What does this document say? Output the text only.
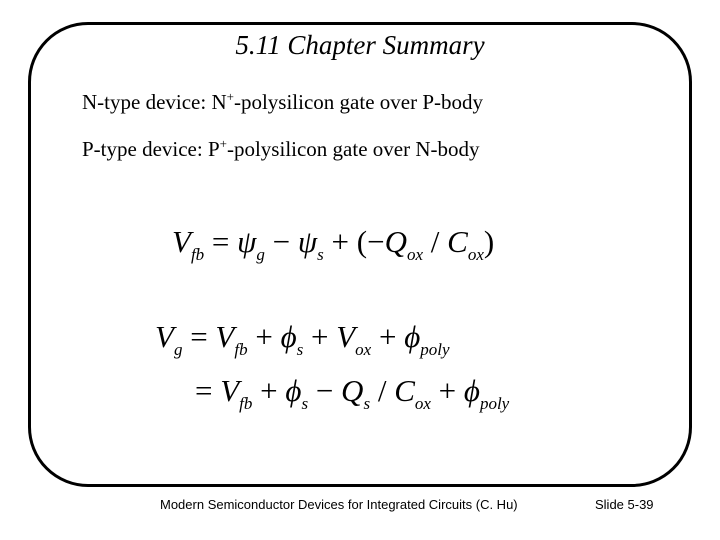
5.11 Chapter Summary
N-type device: N+-polysilicon gate over P-body
P-type device: P+-polysilicon gate over N-body
$V_{fb} = \psi_g - \psi_s + (-Q_{ox} / C_{ox})$
$V_g = V_{fb} + \phi_s + V_{ox} + \phi_{poly}$
= $V_{fb} + \phi_s - Q_s / C_{ox} + \phi_{poly}$
Modern Semiconductor Devices for Integrated Circuits (C. Hu)	Slide 5-39
